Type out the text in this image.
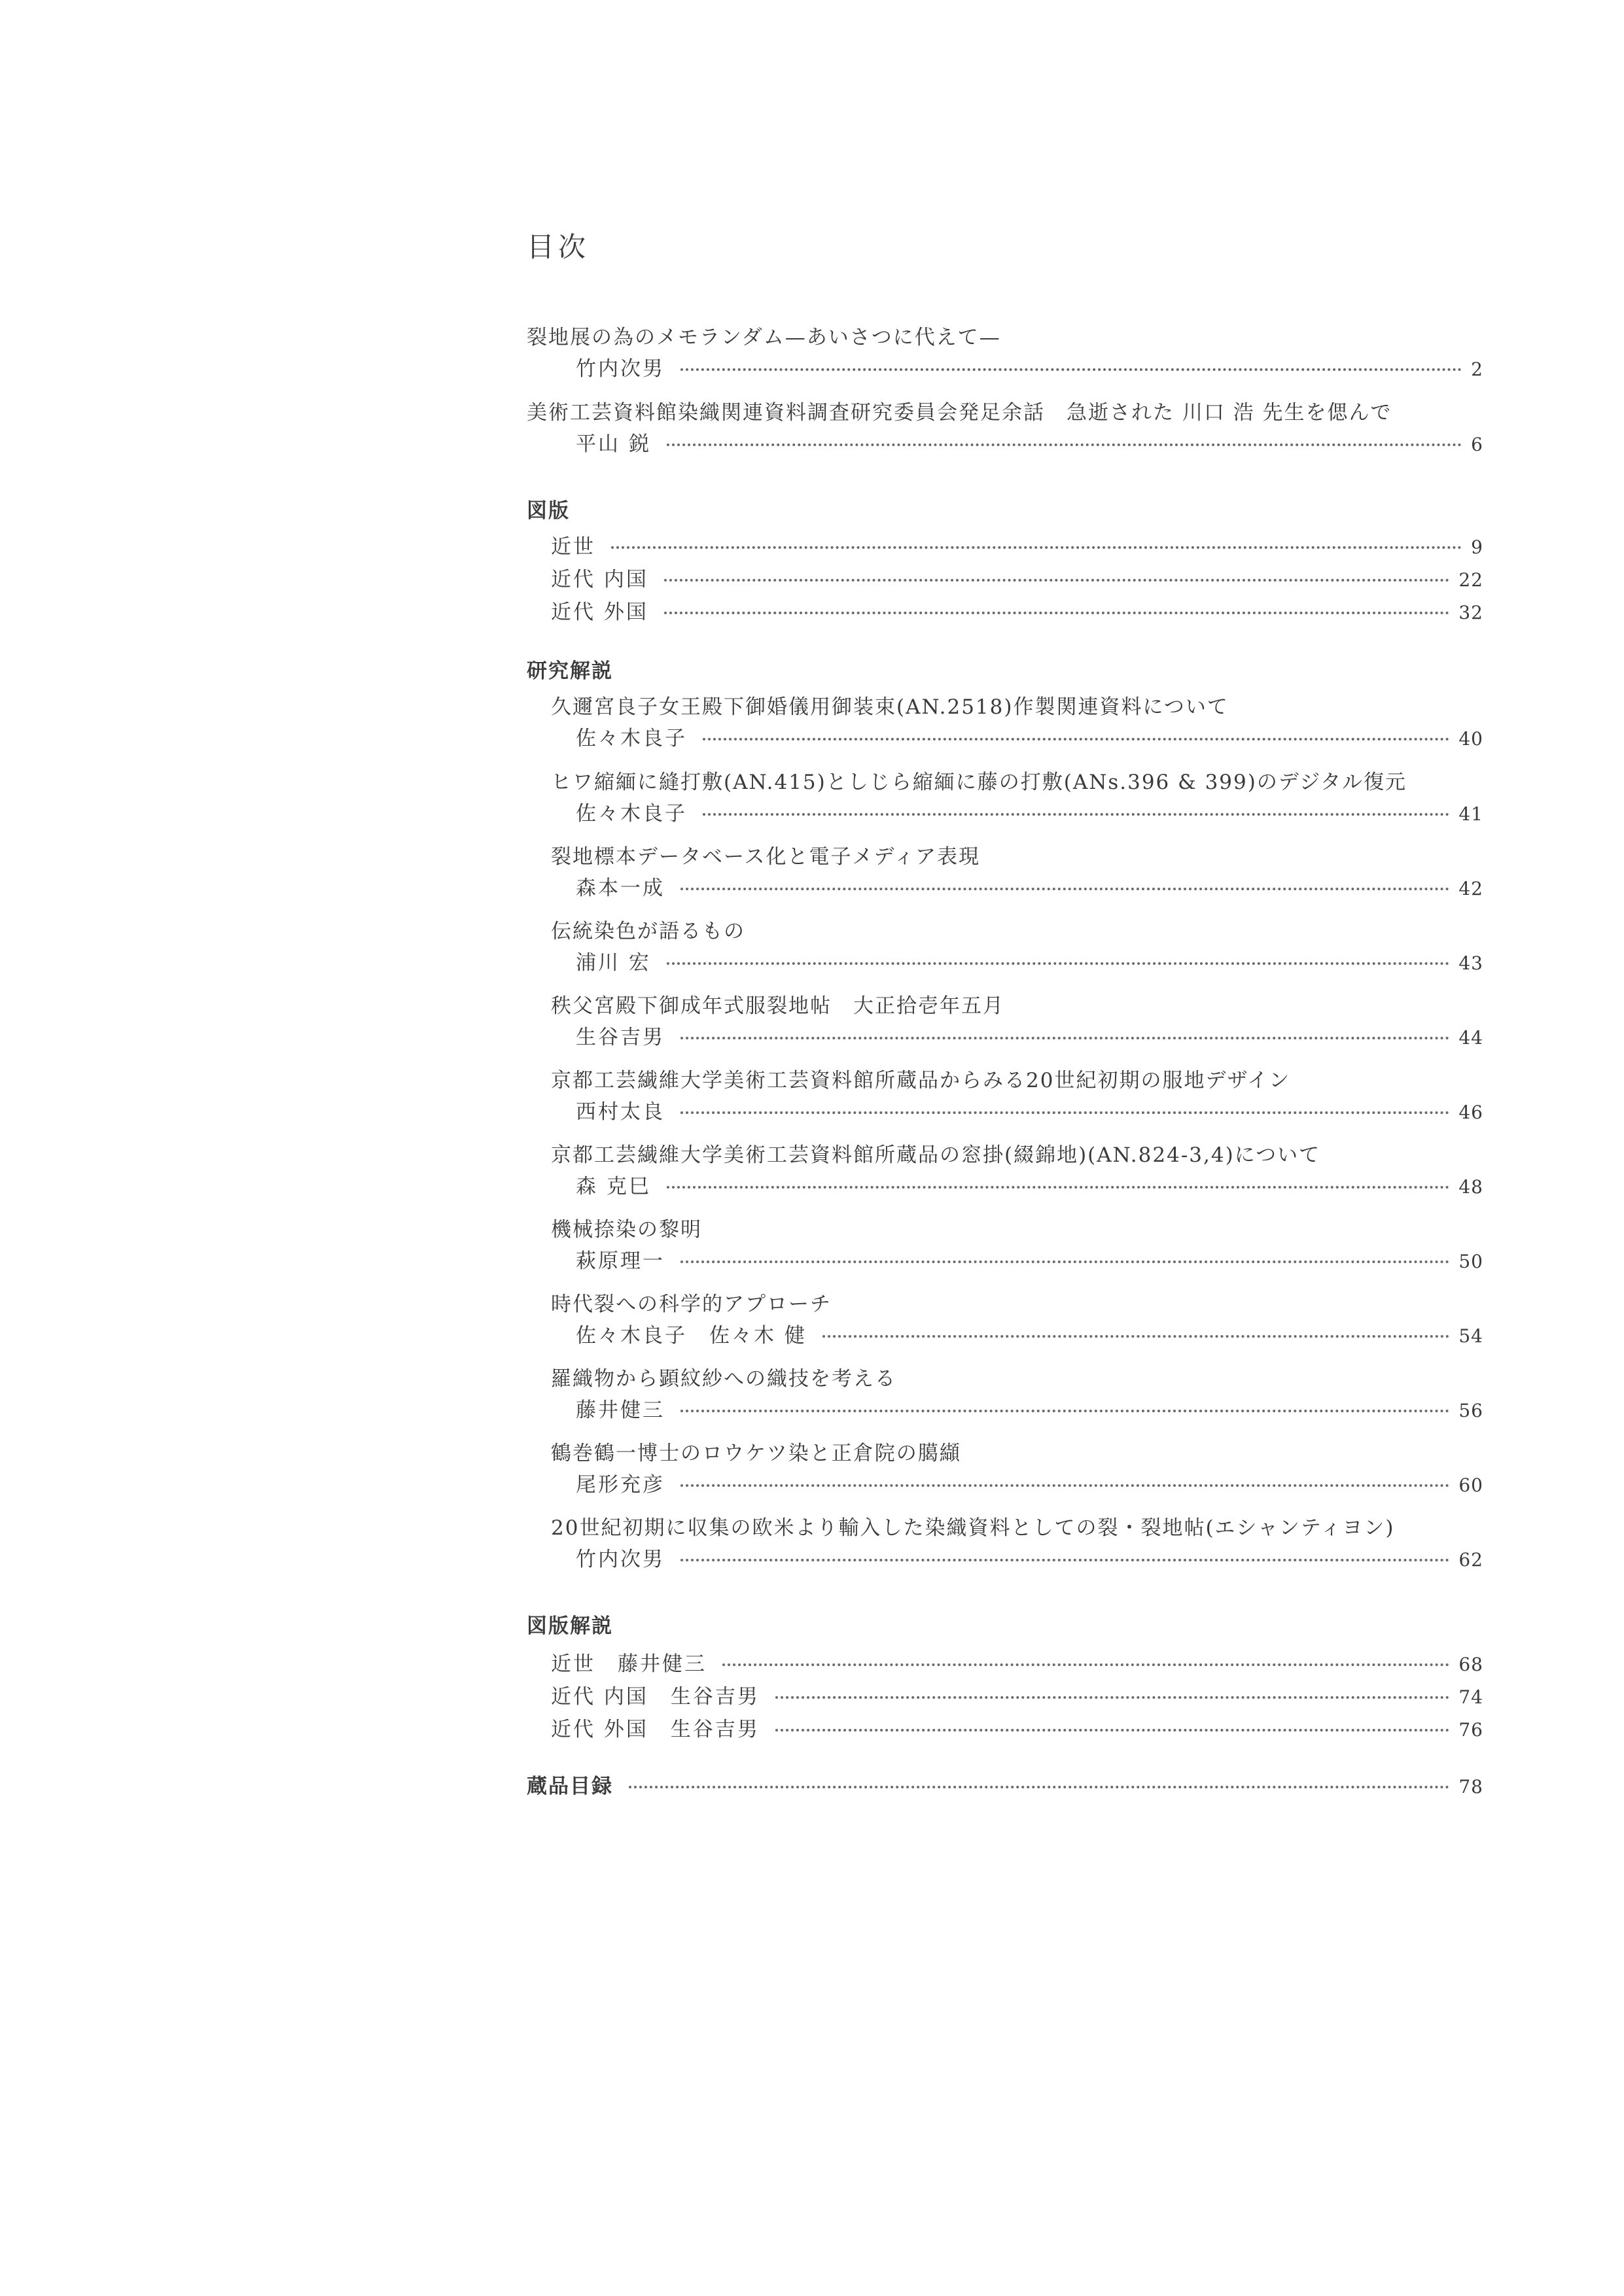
目次
裂地展の為のメモランダム—あいさつに代えて—
竹内次男	2
美術工芸資料館染織関連資料調査研究委員会発足余話　急逝された 川口 浩 先生を偲んで
平山 鋭	6
図版
近世	9
近代 内国	22
近代 外国	32
研究解説
久邇宮良子女王殿下御婚儀用御装束(AN.2518)作製関連資料について
佐々木良子	40
ヒワ縮緬に縫打敷(AN.415)としじら縮緬に藤の打敷(ANs.396 & 399)のデジタル復元
佐々木良子	41
裂地標本データベース化と電子メディア表現
森本一成	42
伝統染色が語るもの
浦川 宏	43
秩父宮殿下御成年式服裂地帖　大正拾壱年五月
生谷吉男	44
京都工芸繊維大学美術工芸資料館所蔵品からみる20世紀初期の服地デザイン
西村太良	46
京都工芸繊維大学美術工芸資料館所蔵品の窓掛(綴錦地)(AN.824-3,4)について
森 克巳	48
機械捺染の黎明
萩原理一	50
時代裂への科学的アプローチ
佐々木良子　佐々木 健	54
羅織物から顕紋紗への織技を考える
藤井健三	56
鶴巻鶴一博士のロウケツ染と正倉院の臈纈
尾形充彦	60
20世紀初期に収集の欧米より輸入した染織資料としての裂・裂地帖(エシャンティヨン)
竹内次男	62
図版解説
近世　藤井健三	68
近代 内国　生谷吉男	74
近代 外国　生谷吉男	76
蔵品目録	78
